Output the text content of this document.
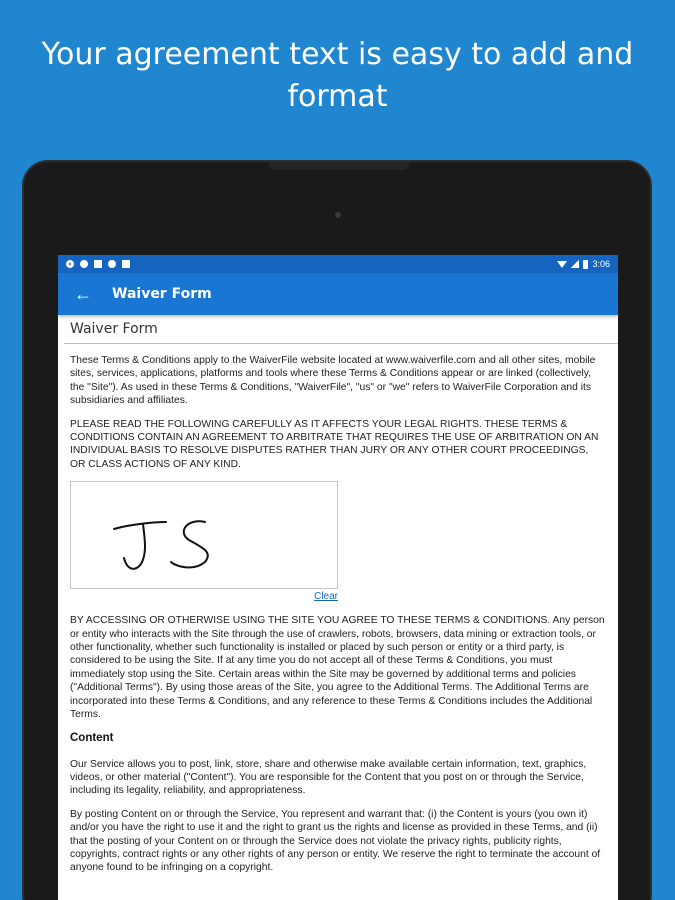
Your agreement text is easy to add and format
3:06
← Waiver Form
Waiver Form

These Terms & Conditions apply to the WaiverFile website located at www.waiverfile.com and all other sites, mobile sites, services, applications, platforms and tools where these Terms & Conditions appear or are linked (collectively, the "Site"). As used in these Terms & Conditions, "WaiverFile", "us" or "we" refers to WaiverFile Corporation and its subsidiaries and affiliates.

PLEASE READ THE FOLLOWING CAREFULLY AS IT AFFECTS YOUR LEGAL RIGHTS. THESE TERMS & CONDITIONS CONTAIN AN AGREEMENT TO ARBITRATE THAT REQUIRES THE USE OF ARBITRATION ON AN INDIVIDUAL BASIS TO RESOLVE DISPUTES RATHER THAN JURY OR ANY OTHER COURT PROCEEDINGS, OR CLASS ACTIONS OF ANY KIND.

Clear

BY ACCESSING OR OTHERWISE USING THE SITE YOU AGREE TO THESE TERMS & CONDITIONS. Any person or entity who interacts with the Site through the use of crawlers, robots, browsers, data mining or extraction tools, or other functionality, whether such functionality is installed or placed by such person or entity or a third party, is considered to be using the Site. If at any time you do not accept all of these Terms & Conditions, you must immediately stop using the Site. Certain areas within the Site may be governed by additional terms and policies ("Additional Terms"). By using those areas of the Site, you agree to the Additional Terms. The Additional Terms are incorporated into these Terms & Conditions, and any reference to these Terms & Conditions includes the Additional Terms.

Content

Our Service allows you to post, link, store, share and otherwise make available certain information, text, graphics, videos, or other material ("Content"). You are responsible for the Content that you post on or through the Service, including its legality, reliability, and appropriateness.

By posting Content on or through the Service, You represent and warrant that: (i) the Content is yours (you own it) and/or you have the right to use it and the right to grant us the rights and license as provided in these Terms, and (ii) that the posting of your Content on or through the Service does not violate the privacy rights, publicity rights, copyrights, contract rights or any other rights of any person or entity. We reserve the right to terminate the account of anyone found to be infringing on a copyright.
